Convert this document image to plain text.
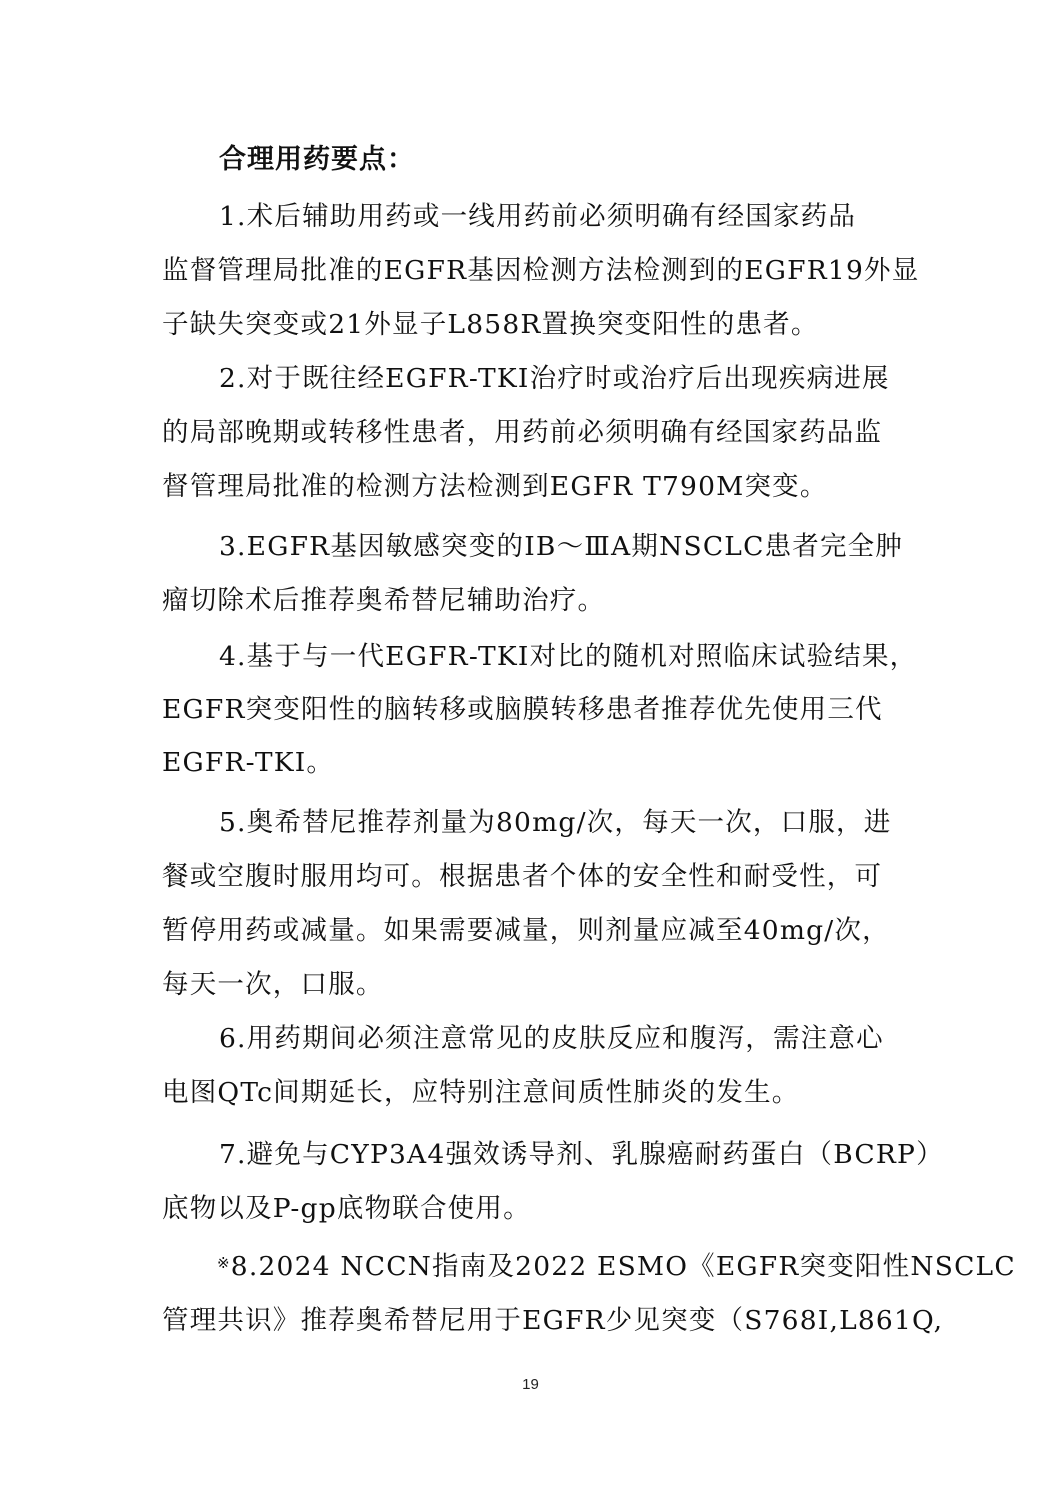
合理用药要点：
1.术后辅助用药或一线用药前必须明确有经国家药品
监督管理局批准的EGFR基因检测方法检测到的EGFR19外显
子缺失突变或21外显子L858R置换突变阳性的患者。
2.对于既往经EGFR-TKI治疗时或治疗后出现疾病进展
的局部晚期或转移性患者，用药前必须明确有经国家药品监
督管理局批准的检测方法检测到EGFR T790M突变。
3.EGFR基因敏感突变的ⅠB～ⅢA期NSCLC患者完全肿
瘤切除术后推荐奥希替尼辅助治疗。
4.基于与一代EGFR-TKI对比的随机对照临床试验结果，
EGFR突变阳性的脑转移或脑膜转移患者推荐优先使用三代
EGFR-TKI。
5.奥希替尼推荐剂量为80mg/次，每天一次，口服，进
餐或空腹时服用均可。根据患者个体的安全性和耐受性，可
暂停用药或减量。如果需要减量，则剂量应减至40mg/次，
每天一次，口服。
6.用药期间必须注意常见的皮肤反应和腹泻，需注意心
电图QTc间期延长，应特别注意间质性肺炎的发生。
7.避免与CYP3A4强效诱导剂、乳腺癌耐药蛋白（BCRP）
底物以及P-gp底物联合使用。
※8.2024 NCCN指南及2022 ESMO《EGFR突变阳性NSCLC
管理共识》推荐奥希替尼用于EGFR少见突变（S768I,L861Q,
19
